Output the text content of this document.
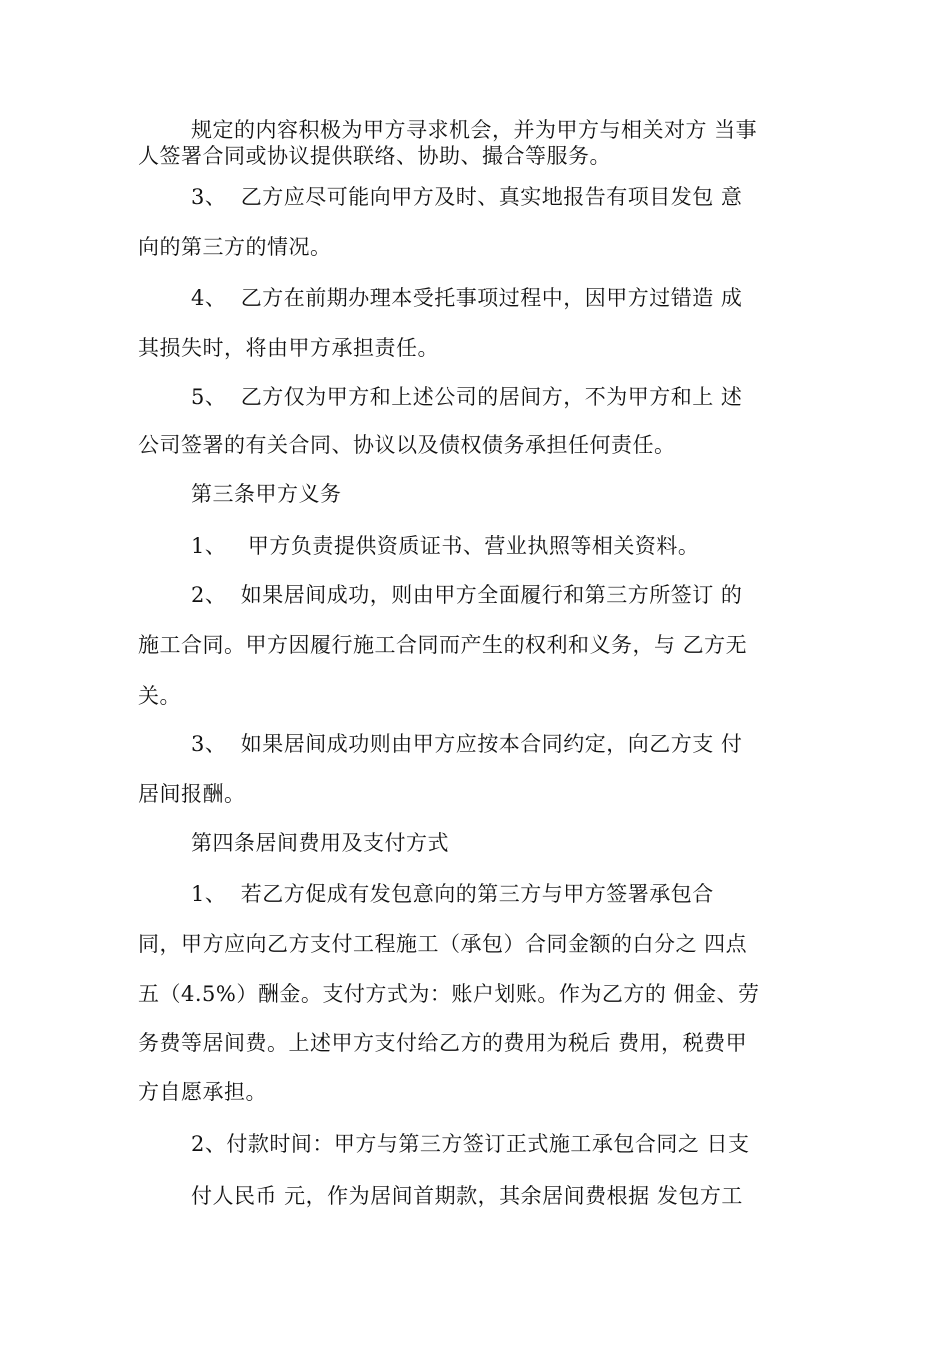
规定的内容积极为甲方寻求机会，并为甲方与相关对方 当事
人签署合同或协议提供联络、协助、撮合等服务。
3、  乙方应尽可能向甲方及时、真实地报告有项目发包 意
向的第三方的情况。
4、  乙方在前期办理本受托事项过程中，因甲方过错造 成
其损失时，将由甲方承担责任。
5、  乙方仅为甲方和上述公司的居间方，不为甲方和上 述
公司签署的有关合同、协议以及债权债务承担任何责任。
第三条甲方义务
1、   甲方负责提供资质证书、营业执照等相关资料。
2、  如果居间成功，则由甲方全面履行和第三方所签订 的
施工合同。甲方因履行施工合同而产生的权利和义务，与 乙方无
关。
3、  如果居间成功则由甲方应按本合同约定，向乙方支 付
居间报酬。
第四条居间费用及支付方式
1、  若乙方促成有发包意向的第三方与甲方签署承包合
同，甲方应向乙方支付工程施工（承包）合同金额的白分之 四点
五（4.5%）酬金。支付方式为：账户划账。作为乙方的 佣金、劳
务费等居间费。上述甲方支付给乙方的费用为税后 费用，税费甲
方自愿承担。
2、付款时间：甲方与第三方签订正式施工承包合同之 日支
付人民币 元，作为居间首期款，其余居间费根据 发包方工
